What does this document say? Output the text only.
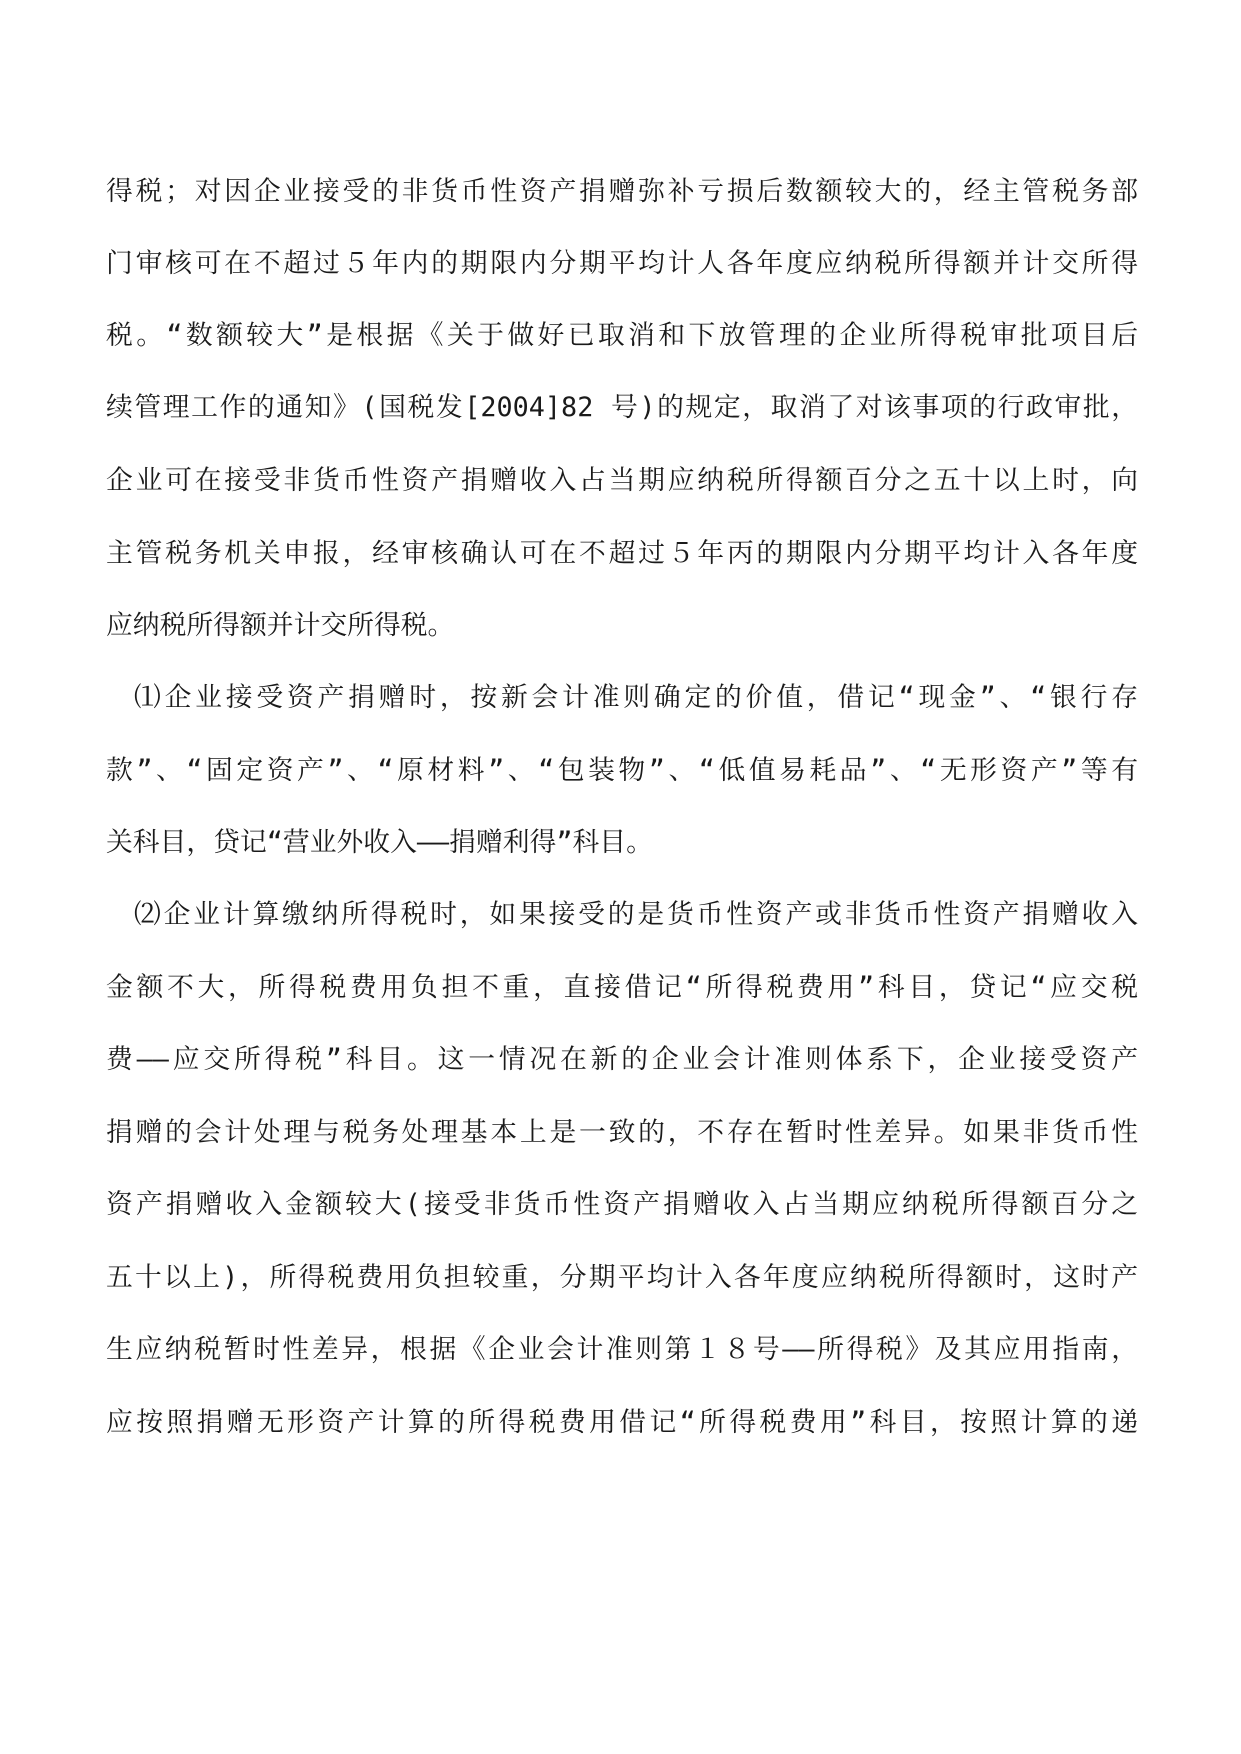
得税；对因企业接受的非货币性资产捐赠弥补亏损后数额较大的，经主管税务部
门审核可在不超过５年内的期限内分期平均计人各年度应纳税所得额并计交所得
税。“数额较大”是根据《关于做好已取消和下放管理的企业所得税审批项目后
续管理工作的通知》(国税发[2004]82 号)的规定，取消了对该事项的行政审批，
企业可在接受非货币性资产捐赠收入占当期应纳税所得额百分之五十以上时，向
主管税务机关申报，经审核确认可在不超过５年丙的期限内分期平均计入各年度
应纳税所得额并计交所得税。
⑴企业接受资产捐赠时，按新会计准则确定的价值，借记“现金”、“银行存
款”、“固定资产”、“原材料”、“包装物”、“低值易耗品”、“无形资产”等有
关科目，贷记“营业外收入——捐赠利得”科目。
⑵企业计算缴纳所得税时，如果接受的是货币性资产或非货币性资产捐赠收入
金额不大，所得税费用负担不重，直接借记“所得税费用”科目，贷记“应交税
费——应交所得税”科目。这一情况在新的企业会计准则体系下，企业接受资产
捐赠的会计处理与税务处理基本上是一致的，不存在暂时性差异。如果非货币性
资产捐赠收入金额较大(接受非货币性资产捐赠收入占当期应纳税所得额百分之
五十以上)，所得税费用负担较重，分期平均计入各年度应纳税所得额时，这时产
生应纳税暂时性差异，根据《企业会计准则第１８号——所得税》及其应用指南，
应按照捐赠无形资产计算的所得税费用借记“所得税费用”科目，按照计算的递
